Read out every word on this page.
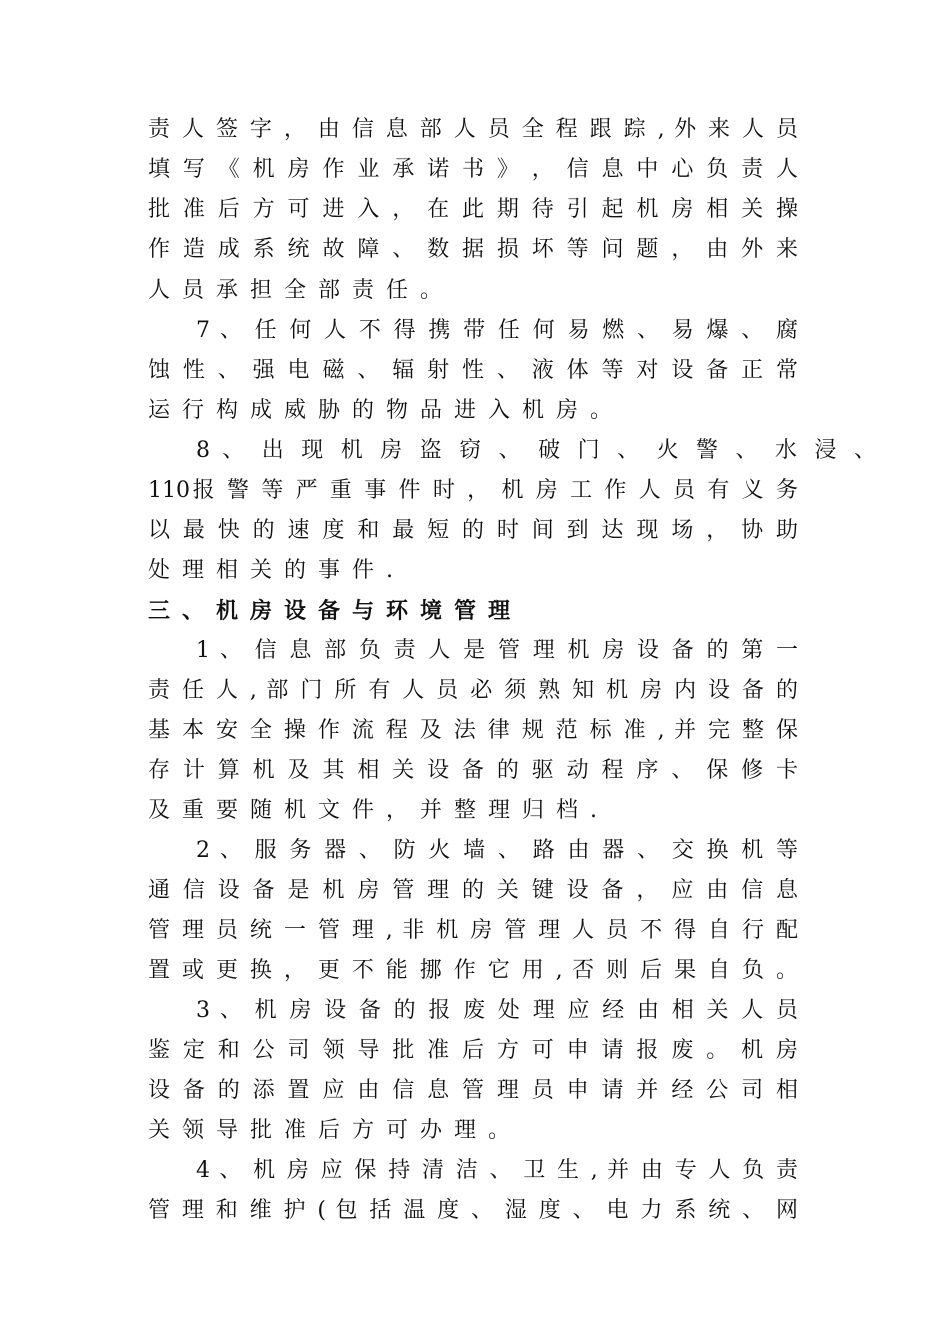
责 人 签 字 ， 由 信 息 部 人 员 全 程 跟 踪 , 外 来 人 员
填 写 《 机 房 作 业 承 诺 书 》 ， 信 息 中 心 负 责 人
批 准 后 方 可 进 入 ， 在 此 期 待 引 起 机 房 相 关 操
作 造 成 系 统 故 障 、 数 据 损 坏 等 问 题 ， 由 外 来
人员承担全部责任。
7 、 任 何 人 不 得 携 带 任 何 易 燃 、 易 爆 、 腐
蚀 性 、 强 电 磁 、 辐 射 性 、 液 体 等 对 设 备 正 常
运行构成威胁的物品进入机房。
8 、 出 现 机 房 盗 窃 、 破 门 、 火 警 、 水 浸 、
110报 警 等 严 重 事 件 时 ， 机 房 工 作 人 员 有 义 务
以 最 快 的 速 度 和 最 短 的 时 间 到 达 现 场 ， 协 助
处理相关的事件.
三、机房设备与环境管理
1 、 信 息 部 负 责 人 是 管 理 机 房 设 备 的 第 一
责 任 人 , 部 门 所 有 人 员 必 须 熟 知 机 房 内 设 备 的
基 本 安 全 操 作 流 程 及 法 律 规 范 标 准 , 并 完 整 保
存 计 算 机 及 其 相 关 设 备 的 驱 动 程 序 、 保 修 卡
及重要随机文件，并整理归档.
2 、 服 务 器 、 防 火 墙 、 路 由 器 、 交 换 机 等
通 信 设 备 是 机 房 管 理 的 关 键 设 备 ， 应 由 信 息
管 理 员 统 一 管 理 , 非 机 房 管 理 人 员 不 得 自 行 配
置 或 更 换 ， 更 不 能 挪 作 它 用 , 否 则 后 果 自 负 。
3 、 机 房 设 备 的 报 废 处 理 应 经 由 相 关 人 员
鉴 定 和 公 司 领 导 批 准 后 方 可 申 请 报 废 。 机 房
设 备 的 添 置 应 由 信 息 管 理 员 申 请 并 经 公 司 相
关领导批准后方可办理。
4 、 机 房 应 保 持 清 洁 、 卫 生 , 并 由 专 人 负 责
管 理 和 维 护 ( 包 括 温 度 、 湿 度 、 电 力 系 统 、 网
